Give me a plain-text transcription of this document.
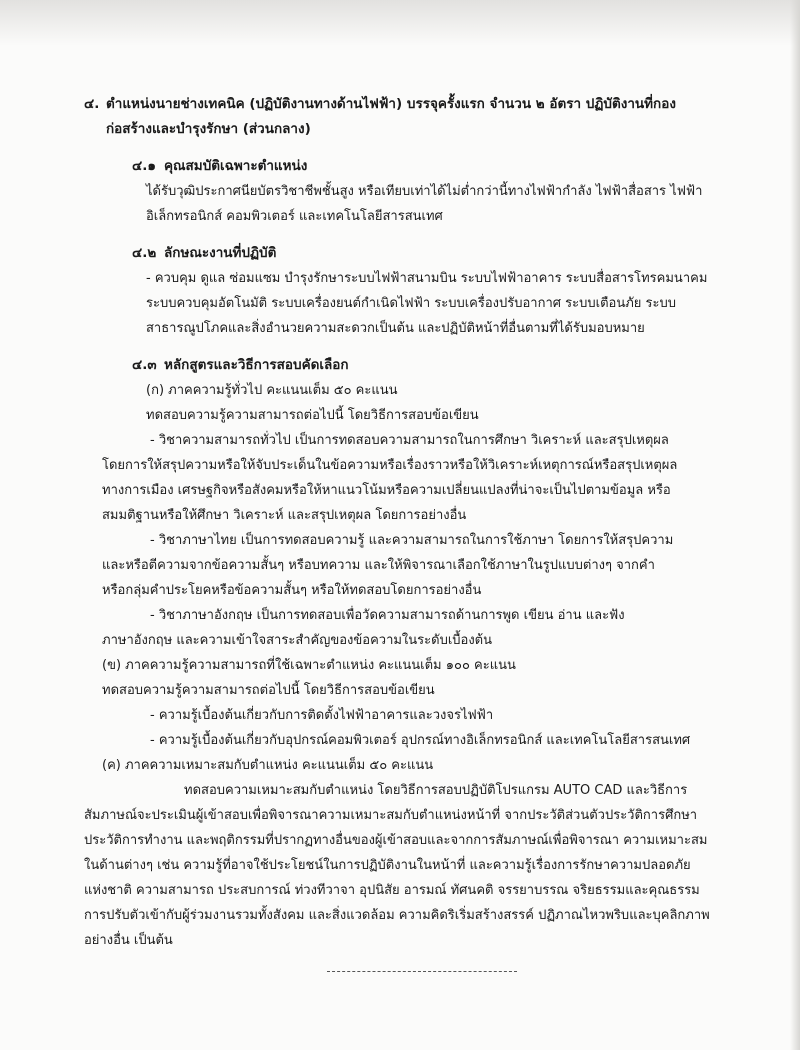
๔. ตำแหน่งนายช่างเทคนิค (ปฏิบัติงานทางด้านไฟฟ้า) บรรจุครั้งแรก จำนวน ๒ อัตรา ปฏิบัติงานที่กอง
ก่อสร้างและบำรุงรักษา (ส่วนกลาง)
๔.๑ คุณสมบัติเฉพาะตำแหน่ง
ได้รับวุฒิประกาศนียบัตรวิชาชีพชั้นสูง หรือเทียบเท่าได้ไม่ต่ำกว่านี้ทางไฟฟ้ากำลัง ไฟฟ้าสื่อสาร ไฟฟ้า
อิเล็กทรอนิกส์ คอมพิวเตอร์ และเทคโนโลยีสารสนเทศ
๔.๒ ลักษณะงานที่ปฏิบัติ
- ควบคุม ดูแล ซ่อมแซม บำรุงรักษาระบบไฟฟ้าสนามบิน ระบบไฟฟ้าอาคาร ระบบสื่อสารโทรคมนาคม
ระบบควบคุมอัตโนมัติ ระบบเครื่องยนต์กำเนิดไฟฟ้า ระบบเครื่องปรับอากาศ ระบบเตือนภัย ระบบ
สาธารณูปโภคและสิ่งอำนวยความสะดวกเป็นต้น และปฏิบัติหน้าที่อื่นตามที่ได้รับมอบหมาย
๔.๓ หลักสูตรและวิธีการสอบคัดเลือก
(ก) ภาคความรู้ทั่วไป คะแนนเต็ม ๕๐ คะแนน
ทดสอบความรู้ความสามารถต่อไปนี้ โดยวิธีการสอบข้อเขียน
- วิชาความสามารถทั่วไป เป็นการทดสอบความสามารถในการศึกษา วิเคราะห์ และสรุปเหตุผล
โดยการให้สรุปความหรือให้จับประเด็นในข้อความหรือเรื่องราวหรือให้วิเคราะห์เหตุการณ์หรือสรุปเหตุผล
ทางการเมือง เศรษฐกิจหรือสังคมหรือให้หาแนวโน้มหรือความเปลี่ยนแปลงที่น่าจะเป็นไปตามข้อมูล หรือ
สมมติฐานหรือให้ศึกษา วิเคราะห์ และสรุปเหตุผล โดยการอย่างอื่น
- วิชาภาษาไทย เป็นการทดสอบความรู้ และความสามารถในการใช้ภาษา โดยการให้สรุปความ
และหรือตีความจากข้อความสั้นๆ หรือบทความ และให้พิจารณาเลือกใช้ภาษาในรูปแบบต่างๆ จากคำ
หรือกลุ่มคำประโยคหรือข้อความสั้นๆ หรือให้ทดสอบโดยการอย่างอื่น
- วิชาภาษาอังกฤษ เป็นการทดสอบเพื่อวัดความสามารถด้านการพูด เขียน อ่าน และฟัง
ภาษาอังกฤษ และความเข้าใจสาระสำคัญของข้อความในระดับเบื้องต้น
(ข) ภาคความรู้ความสามารถที่ใช้เฉพาะตำแหน่ง คะแนนเต็ม ๑๐๐ คะแนน
ทดสอบความรู้ความสามารถต่อไปนี้ โดยวิธีการสอบข้อเขียน
- ความรู้เบื้องต้นเกี่ยวกับการติดตั้งไฟฟ้าอาคารและวงจรไฟฟ้า
- ความรู้เบื้องต้นเกี่ยวกับอุปกรณ์คอมพิวเตอร์ อุปกรณ์ทางอิเล็กทรอนิกส์ และเทคโนโลยีสารสนเทศ
(ค) ภาคความเหมาะสมกับตำแหน่ง คะแนนเต็ม ๕๐ คะแนน
ทดสอบความเหมาะสมกับตำแหน่ง โดยวิธีการสอบปฏิบัติโปรแกรม AUTO CAD และวิธีการ
สัมภาษณ์จะประเมินผู้เข้าสอบเพื่อพิจารณาความเหมาะสมกับตำแหน่งหน้าที่ จากประวัติส่วนตัวประวัติการศึกษา
ประวัติการทำงาน และพฤติกรรมที่ปรากฏทางอื่นของผู้เข้าสอบและจากการสัมภาษณ์เพื่อพิจารณา ความเหมาะสม
ในด้านต่างๆ เช่น ความรู้ที่อาจใช้ประโยชน์ในการปฏิบัติงานในหน้าที่ และความรู้เรื่องการรักษาความปลอดภัย
แห่งชาติ ความสามารถ ประสบการณ์ ท่วงทีวาจา อุปนิสัย อารมณ์ ทัศนคติ จรรยาบรรณ จริยธรรมและคุณธรรม
การปรับตัวเข้ากับผู้ร่วมงานรวมทั้งสังคม และสิ่งแวดล้อม ความคิดริเริ่มสร้างสรรค์ ปฏิภาณไหวพริบและบุคลิกภาพ
อย่างอื่น เป็นต้น
